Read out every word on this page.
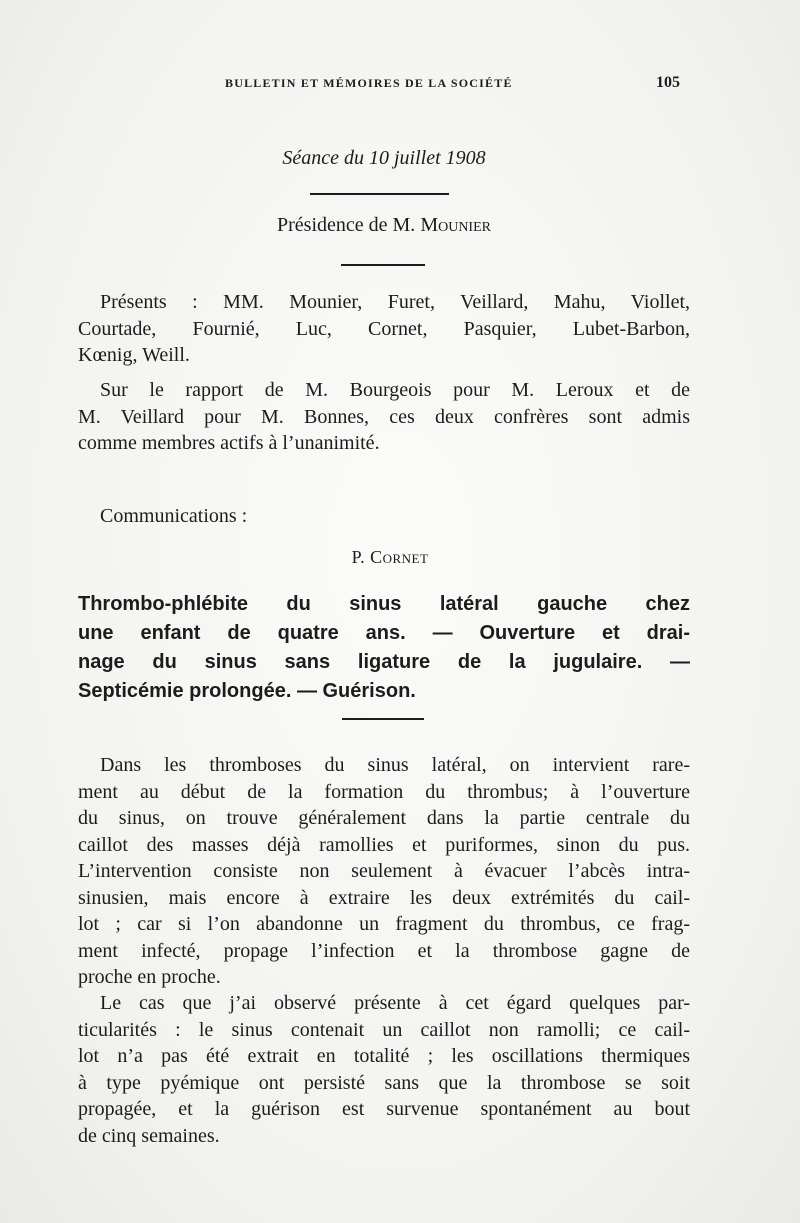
BULLETIN ET MÉMOIRES DE LA SOCIÉTÉ	105
Séance du 10 juillet 1908
Présidence de M. Mounier
Présents : MM. Mounier, Furet, Veillard, Mahu, Viollet,
Courtade, Fournié, Luc, Cornet, Pasquier, Lubet-Barbon,
Kœnig, Weill.
Sur le rapport de M. Bourgeois pour M. Leroux et de
M. Veillard pour M. Bonnes, ces deux confrères sont admis
comme membres actifs à l’unanimité.
Communications :
P. Cornet
Thrombo-phlébite du sinus latéral gauche chez
une enfant de quatre ans. — Ouverture et drai-
nage du sinus sans ligature de la jugulaire. —
Septicémie prolongée. — Guérison.
Dans les thromboses du sinus latéral, on intervient rare-
ment au début de la formation du thrombus; à l’ouverture
du sinus, on trouve généralement dans la partie centrale du
caillot des masses déjà ramollies et puriformes, sinon du pus.
L’intervention consiste non seulement à évacuer l’abcès intra-
sinusien, mais encore à extraire les deux extrémités du cail-
lot ; car si l’on abandonne un fragment du thrombus, ce frag-
ment infecté, propage l’infection et la thrombose gagne de
proche en proche.
Le cas que j’ai observé présente à cet égard quelques par-
ticularités : le sinus contenait un caillot non ramolli; ce cail-
lot n’a pas été extrait en totalité ; les oscillations thermiques
à type pyémique ont persisté sans que la thrombose se soit
propagée, et la guérison est survenue spontanément au bout
de cinq semaines.
